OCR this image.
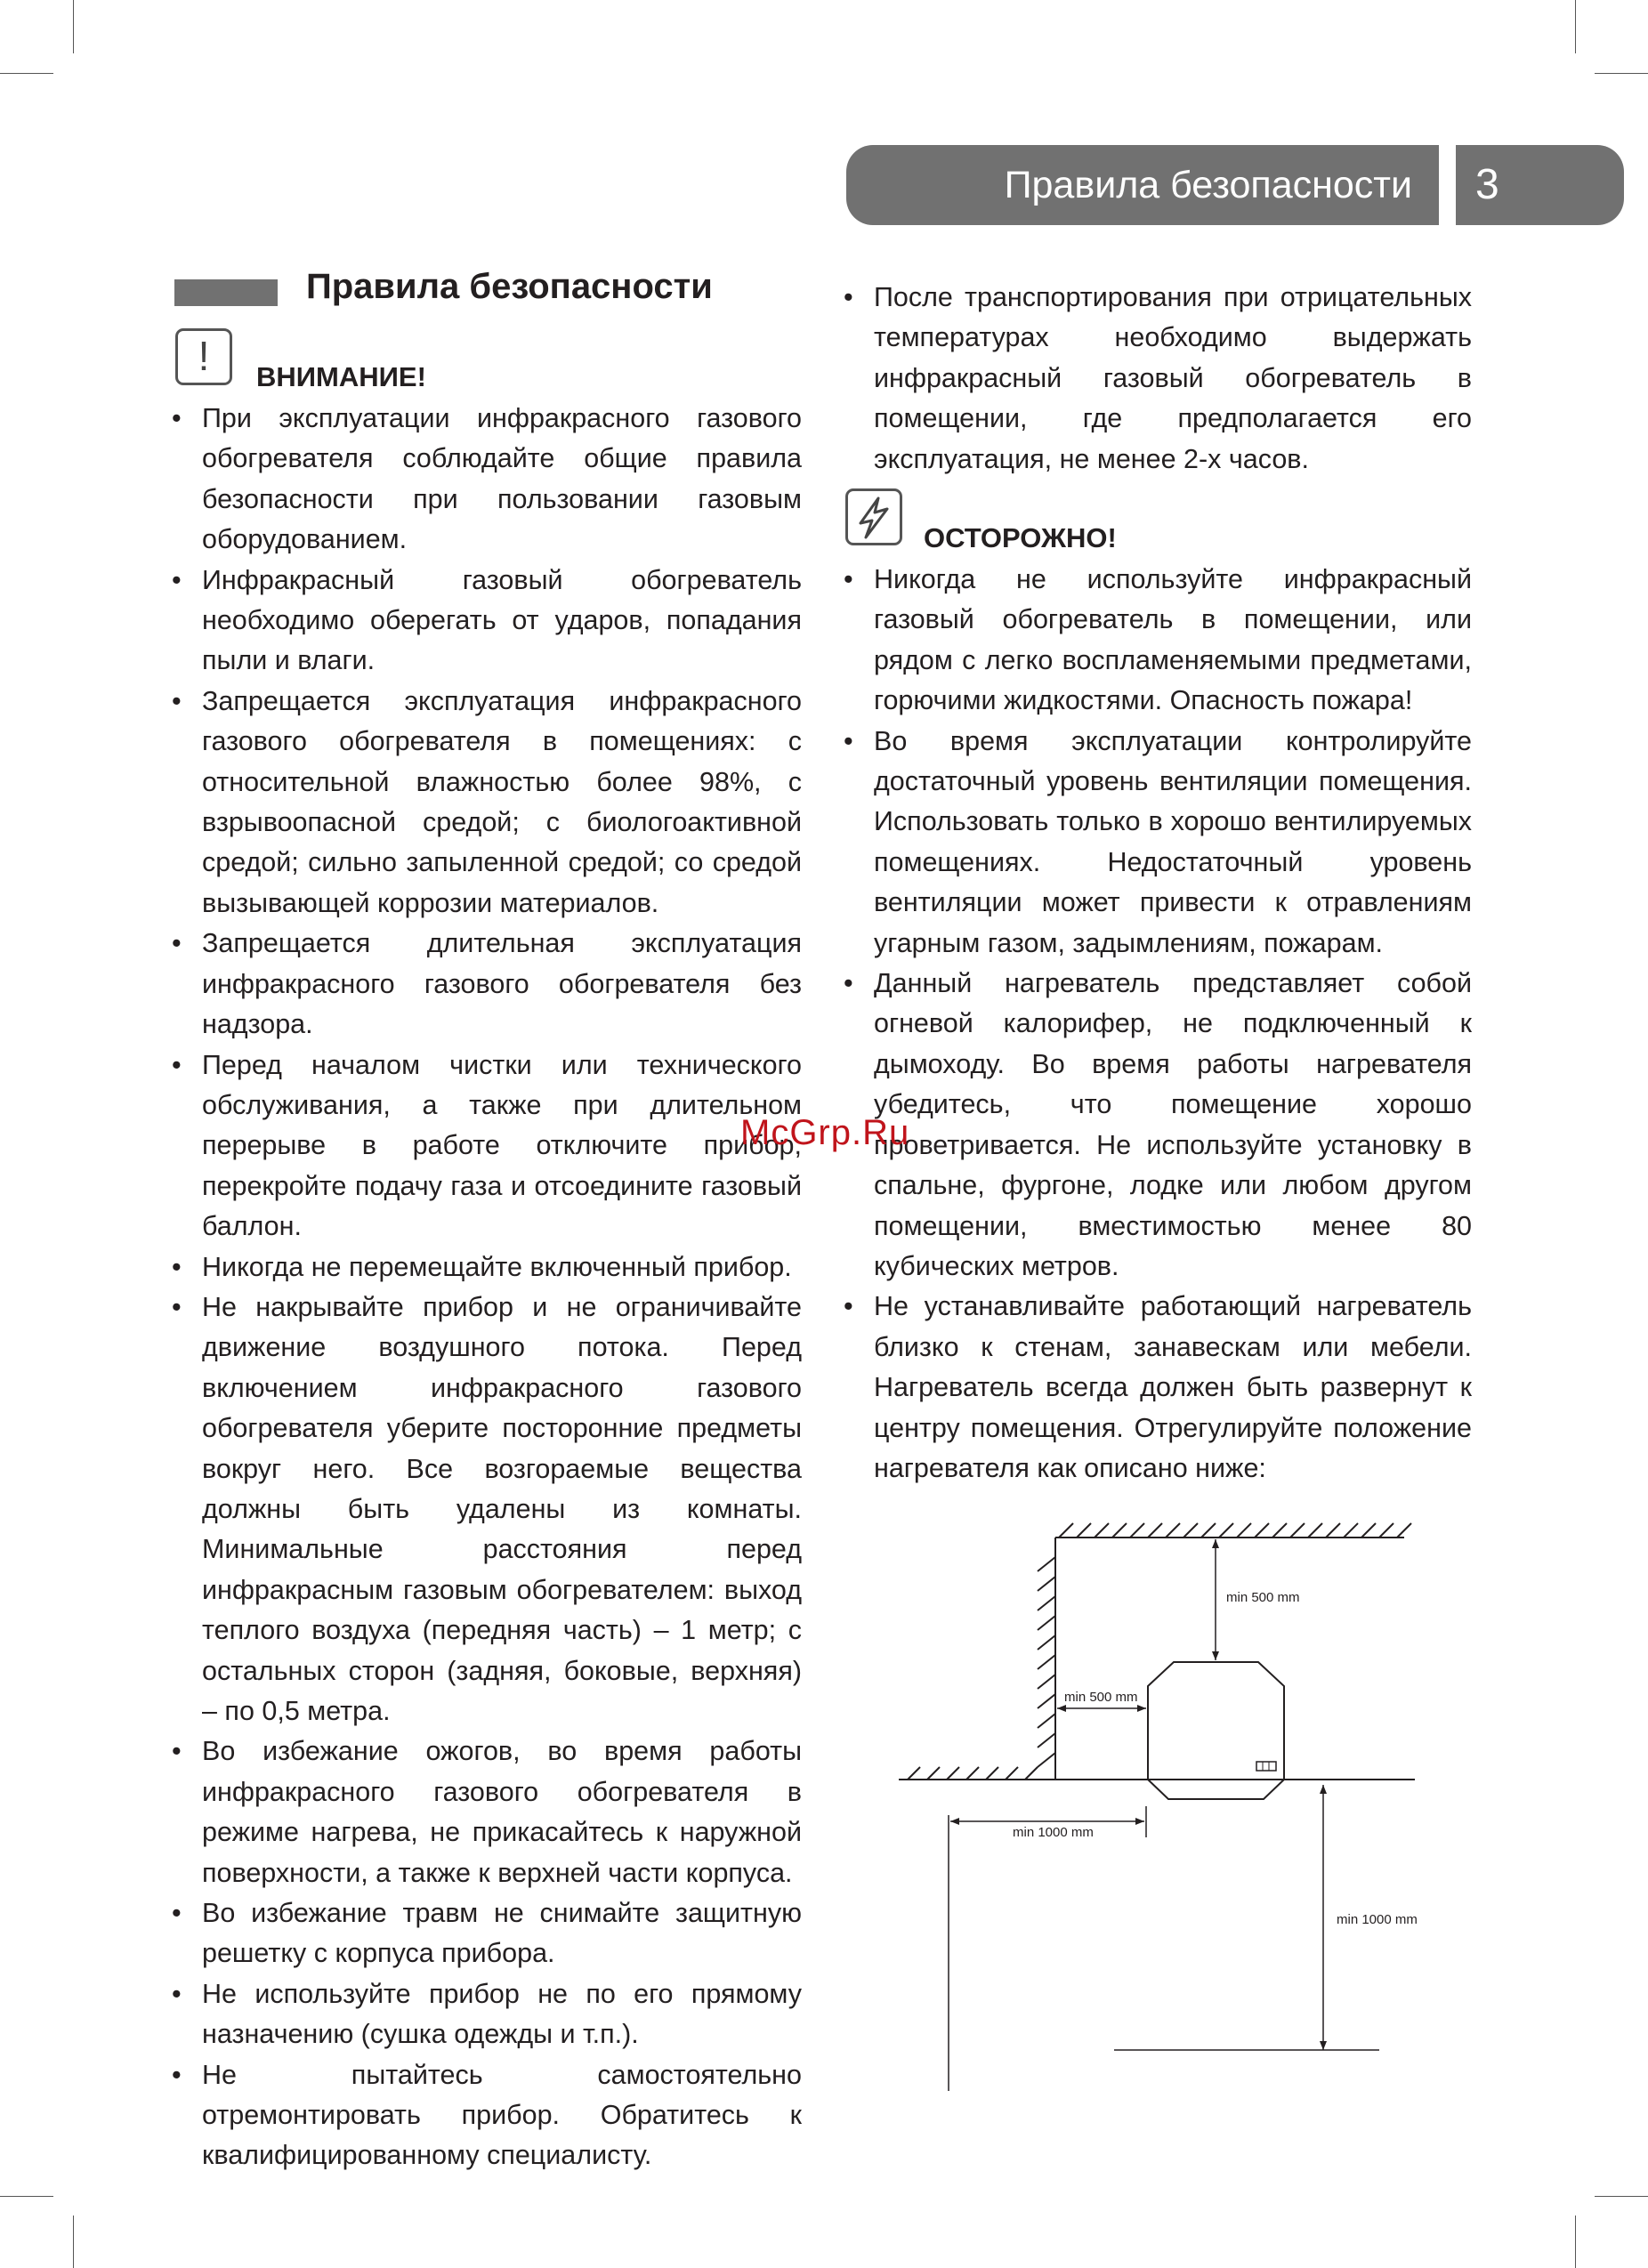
Правила безопасности	3
Правила безопасности
!	ВНИМАНИЕ!
• При эксплуатации инфракрасного газового обогревателя соблюдайте общие правила безопасности при пользовании газовым оборудованием.
• Инфракрасный газовый обогреватель необходимо оберегать от ударов, попадания пыли и влаги.
• Запрещается эксплуатация инфракрасного газового обогревателя в помещениях: с относительной влажностью более 98%, с взрывоопасной средой; с биологоактивной средой; сильно запыленной средой; со средой вызывающей коррозии материалов.
• Запрещается длительная эксплуатация инфракрасного газового обогревателя без надзора.
• Перед началом чистки или технического обслуживания, а также при длительном перерыве в работе отключите прибор, перекройте подачу газа и отсоедините газовый баллон.
• Никогда не перемещайте включенный прибор.
• Не накрывайте прибор и не ограничивайте движение воздушного потока. Перед включением инфракрасного газового обогревателя уберите посторонние предметы вокруг него. Все возгораемые вещества должны быть удалены из комнаты. Минимальные расстояния перед инфракрасным газовым обогревателем: выход теплого воздуха (передняя часть) – 1 метр; с остальных сторон (задняя, боковые, верхняя) – по 0,5 метра.
• Во избежание ожогов, во время работы инфракрасного газового обогревателя в режиме нагрева, не прикасайтесь к наружной поверхности, а также к верхней части корпуса.
• Во избежание травм не снимайте защитную решетку с корпуса прибора.
• Не используйте прибор не по его прямому назначению (сушка одежды и т.п.).
• Не пытайтесь самостоятельно отремонтировать прибор. Обратитесь к квалифицированному специалисту.
• После транспортирования при отрицательных температурах необходимо выдержать инфракрасный газовый обогреватель в помещении, где предполагается его эксплуатация, не менее 2-х часов.
ОСТОРОЖНО!
• Никогда не используйте инфракрасный газовый обогреватель в помещении, или рядом с легко воспламеняемыми предметами, горючими жидкостями. Опасность пожара!
• Во время эксплуатации контролируйте достаточный уровень вентиляции помещения. Использовать только в хорошо вентилируемых помещениях. Недостаточный уровень вентиляции может привести к отравлениям угарным газом, задымлениям, пожарам.
• Данный нагреватель представляет собой огневой калорифер, не подключенный к дымоходу. Во время работы нагревателя убедитесь, что помещение хорошо проветривается. Не используйте установку в спальне, фургоне, лодке или любом другом помещении, вместимостью менее 80 кубических метров.
• Не устанавливайте работающий нагреватель близко к стенам, занавескам или мебели. Нагреватель всегда должен быть развернут к центру помещения. Отрегулируйте положение нагревателя как описано ниже:
McGrp.Ru
min 500 mm
min 500 mm
min 1000 mm
min 1000 mm
